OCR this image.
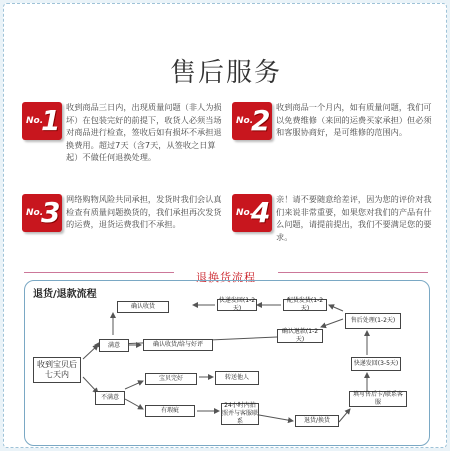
售后服务
No.
1 收到商品三日内，出现质量问题（非人为损坏）在包装完好的前提下，收货人必须当场对商品进行检查，签收后如有损坏不承担退换费用。超过7天（含7天，从签收之日算起）不做任何退换处理。
No.
2 收到商品一个月内，如有质量问题，我们可以免费维修（来回的运费买家承担）但必须和客服协商好，是可维修的范围内。
No.
3 网络购物风险共同承担，发货时我们会认真检查有质量问题换货的，我们承担再次发货的运费，退货运费我们不承担。
No.
4 亲！请不要随意给差评，因为您的评价对我们来说非常重要，如果您对我们的产品有什么问题，请提前提出，我们不要满足您的要求。
退换货流程
退货/退款流程
确认收货
满意	确认收货/给与好评
收到宝贝后七天内	宝贝完好	转送他人
不满意
有瑕疵
24小时内拍照并与客服联系	退货/换货
填写售后卡/联系客服
快递发回(3-5天)
售后处理(1-2天)
确认退款(1-2天)
配货发货(1-2天)
快递发回(1-2天)
